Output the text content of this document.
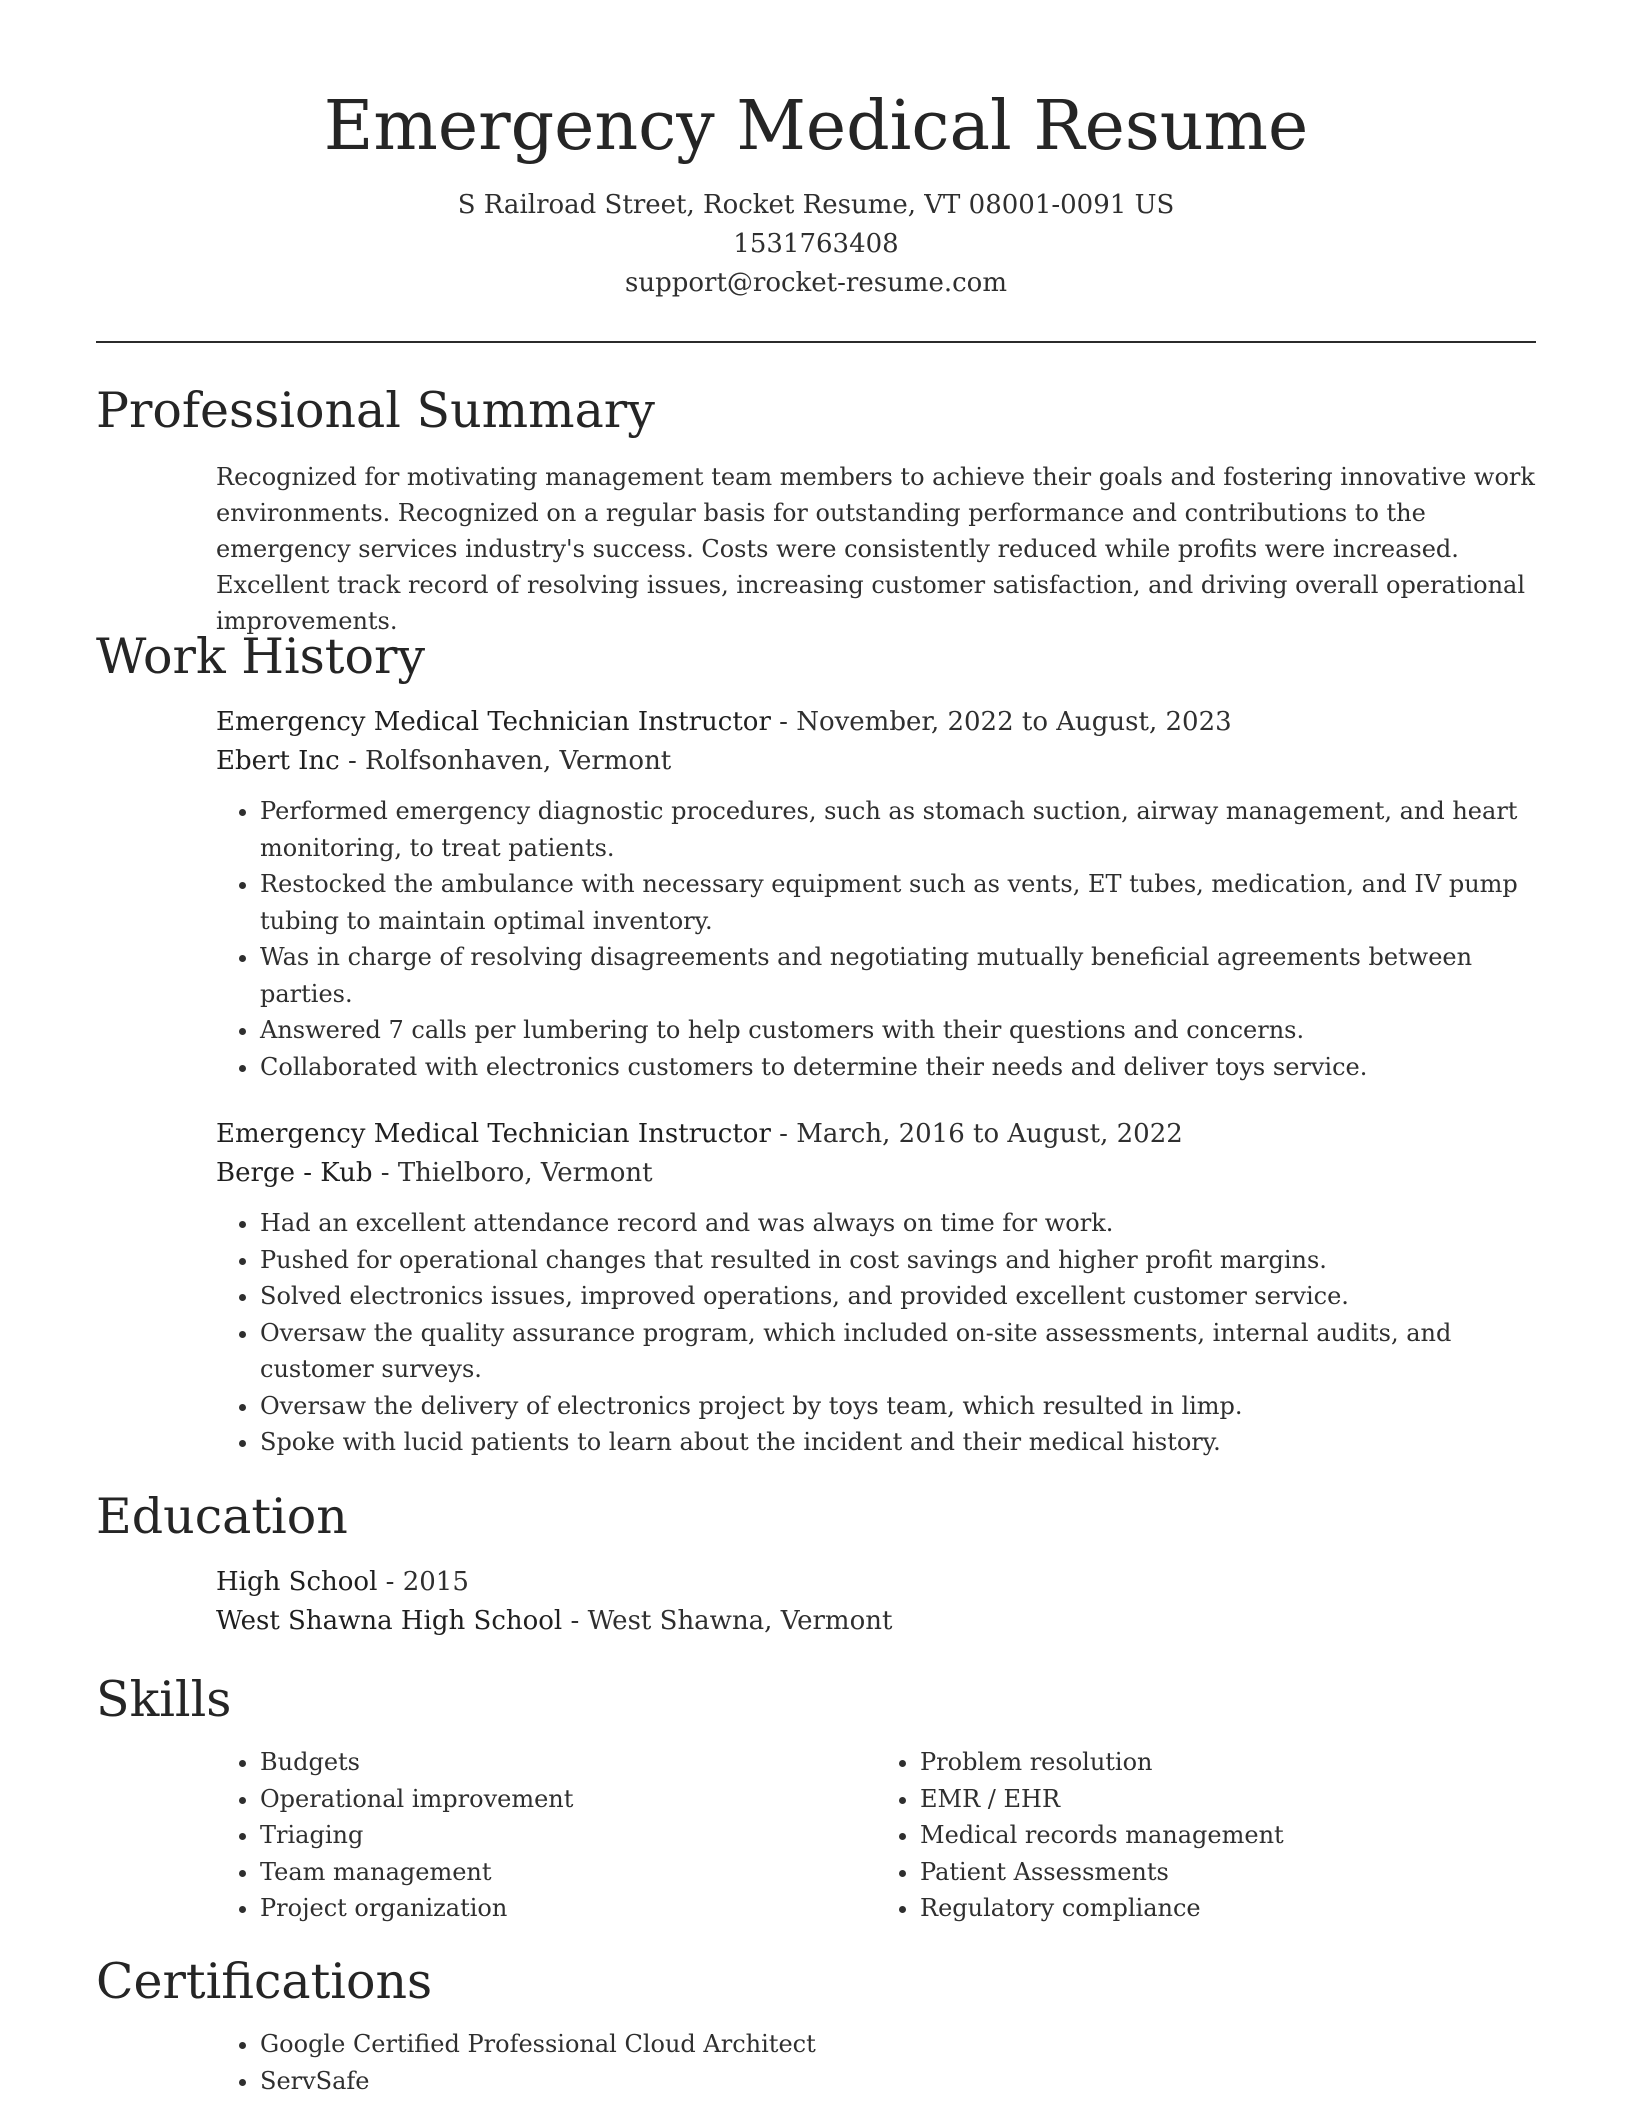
Emergency Medical Resume
S Railroad Street, Rocket Resume, VT 08001-0091 US
1531763408
support@rocket-resume.com
Professional Summary

Recognized for motivating management team members to achieve their goals and fostering innovative work environments. Recognized on a regular basis for outstanding performance and contributions to the emergency services industry's success. Costs were consistently reduced while profits were increased. Excellent track record of resolving issues, increasing customer satisfaction, and driving overall operational improvements.

Work History
Emergency Medical Technician Instructor - November, 2022 to August, 2023
Ebert Inc - Rolfsonhaven, Vermont
• Performed emergency diagnostic procedures, such as stomach suction, airway management, and heart monitoring, to treat patients.
• Restocked the ambulance with necessary equipment such as vents, ET tubes, medication, and IV pump tubing to maintain optimal inventory.
• Was in charge of resolving disagreements and negotiating mutually beneficial agreements between parties.
• Answered 7 calls per lumbering to help customers with their questions and concerns.
• Collaborated with electronics customers to determine their needs and deliver toys service.
Emergency Medical Technician Instructor - March, 2016 to August, 2022
Berge - Kub - Thielboro, Vermont
• Had an excellent attendance record and was always on time for work.
• Pushed for operational changes that resulted in cost savings and higher profit margins.
• Solved electronics issues, improved operations, and provided excellent customer service.
• Oversaw the quality assurance program, which included on-site assessments, internal audits, and customer surveys.
• Oversaw the delivery of electronics project by toys team, which resulted in limp.
• Spoke with lucid patients to learn about the incident and their medical history.
Education
High School - 2015
West Shawna High School - West Shawna, Vermont
Skills
• Budgets
• Operational improvement
• Triaging
• Team management
• Project organization
• Problem resolution
• EMR / EHR
• Medical records management
• Patient Assessments
• Regulatory compliance
Certifications
• Google Certified Professional Cloud Architect
• ServSafe
